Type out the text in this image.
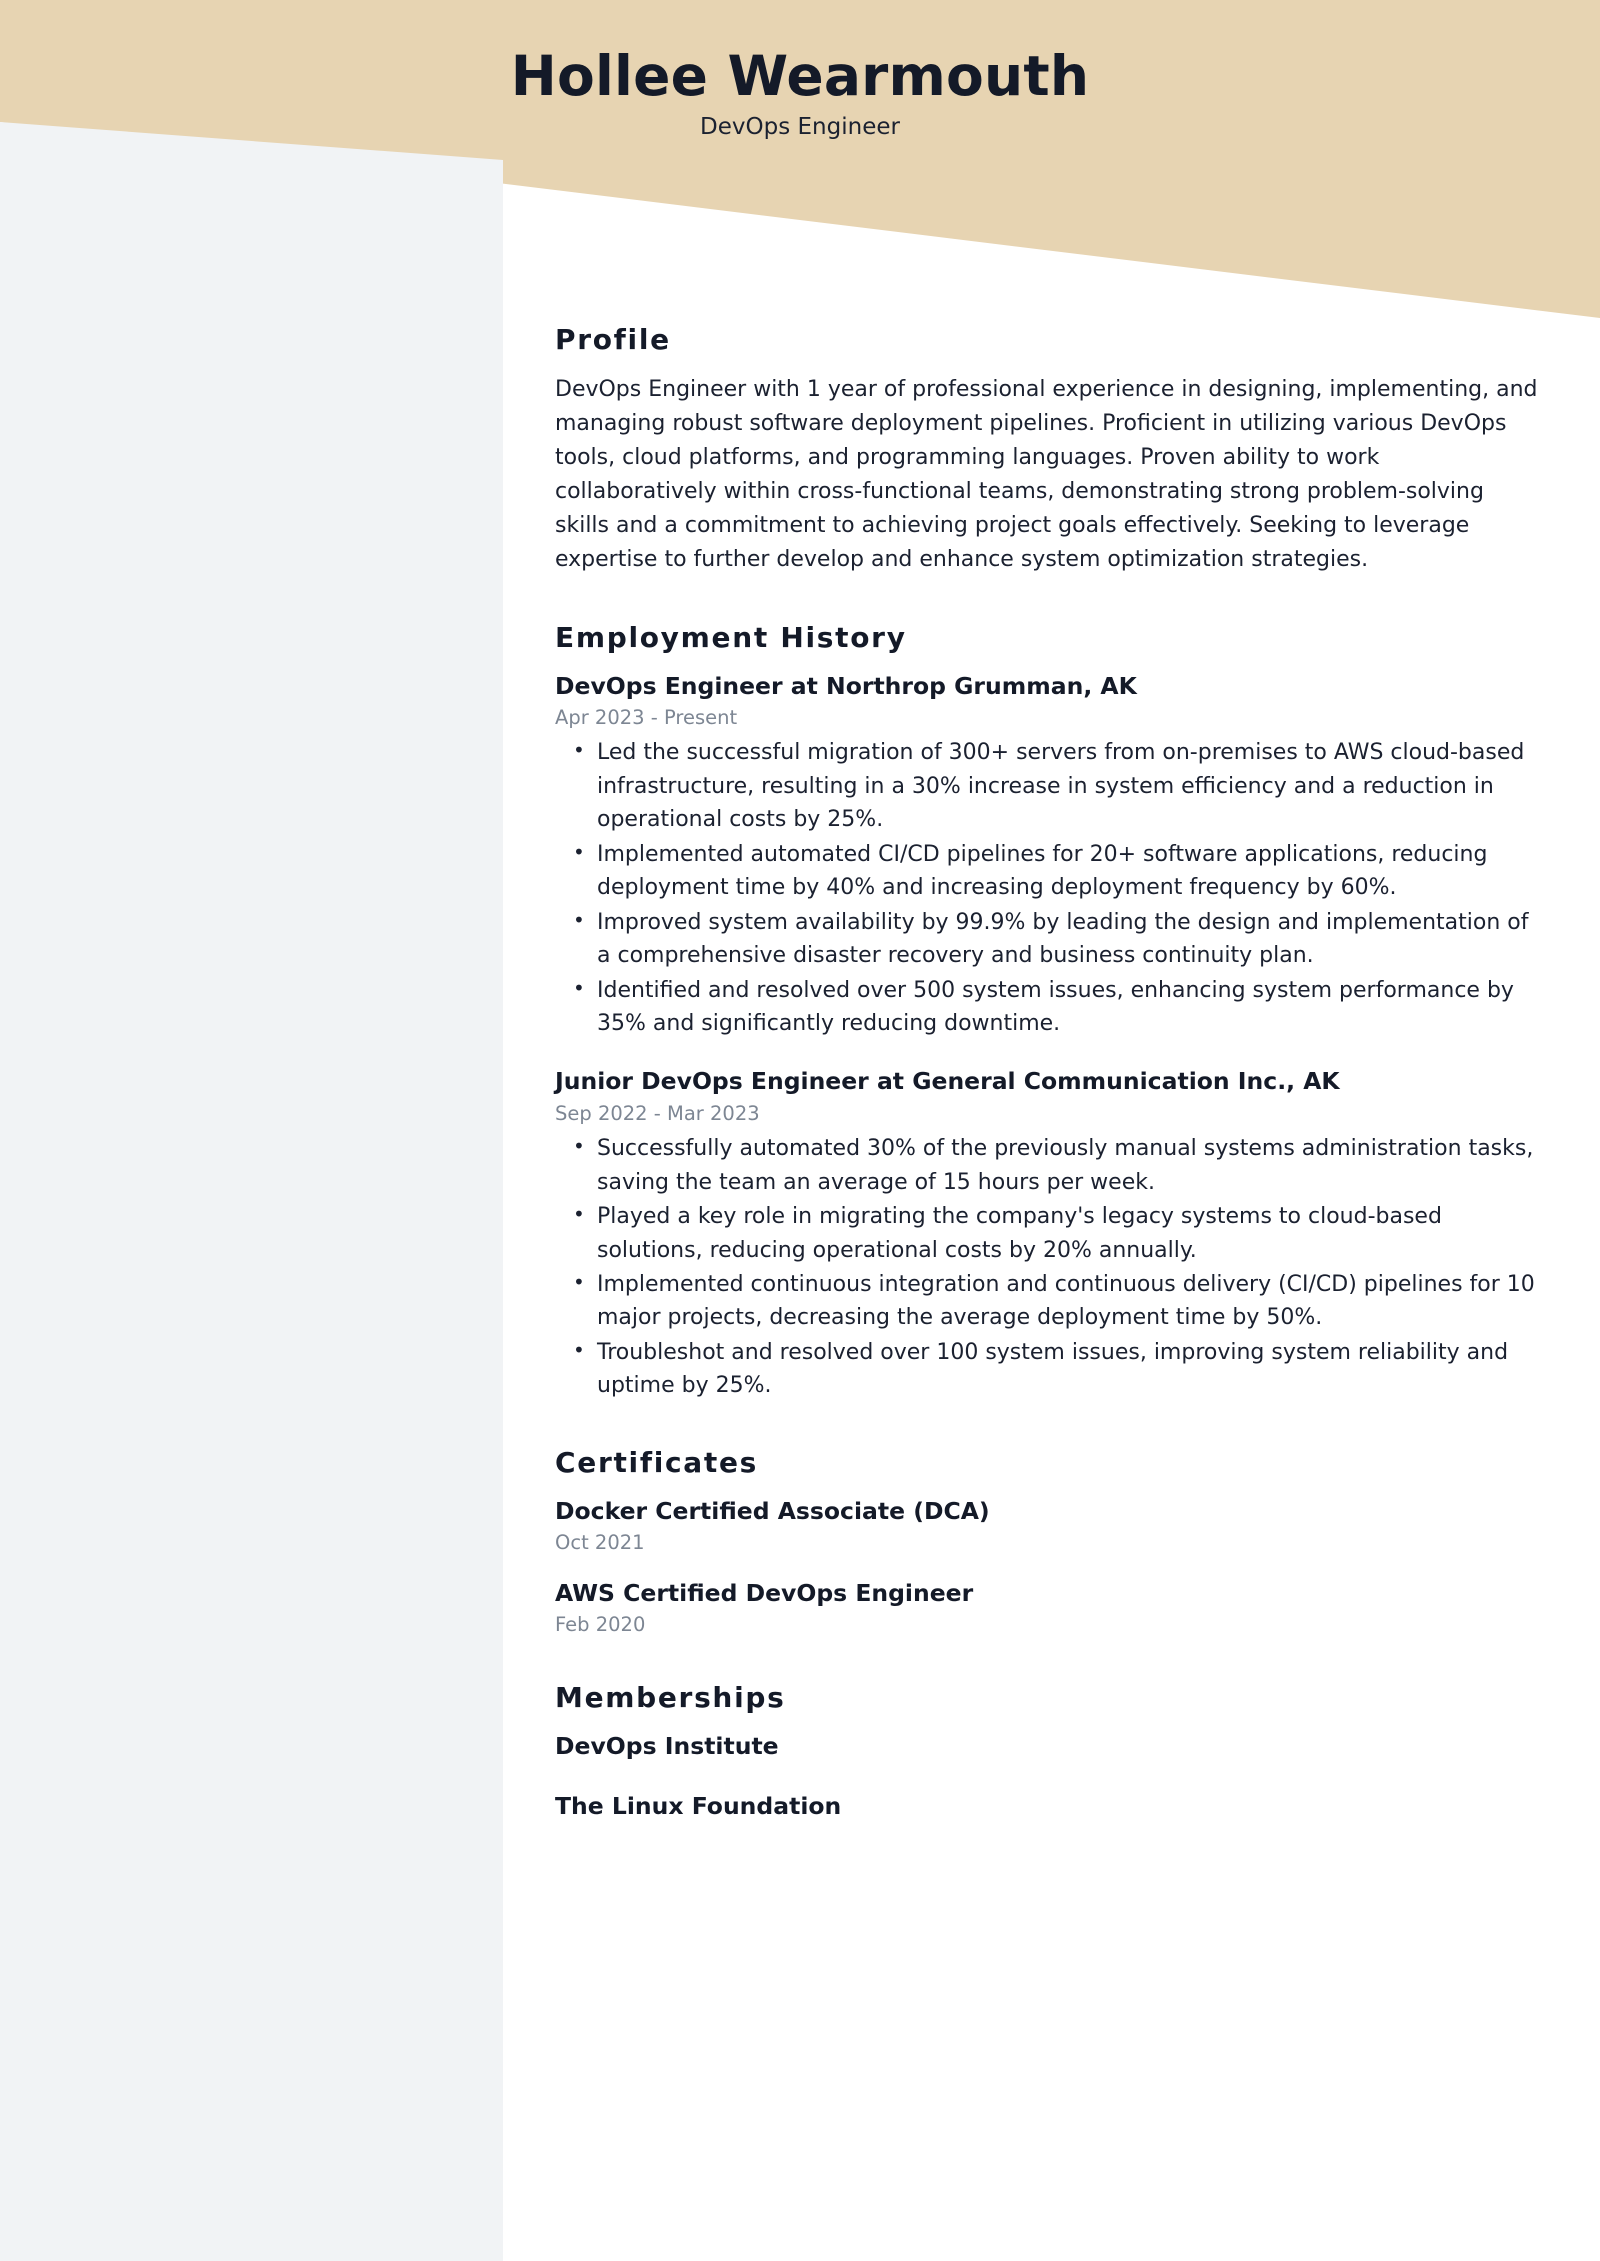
Hollee Wearmouth
DevOps Engineer

Profile

DevOps Engineer with 1 year of professional experience in designing, implementing, and managing robust software deployment pipelines. Proficient in utilizing various DevOps tools, cloud platforms, and programming languages. Proven ability to work collaboratively within cross-functional teams, demonstrating strong problem-solving skills and a commitment to achieving project goals effectively. Seeking to leverage expertise to further develop and enhance system optimization strategies.

Employment History

DevOps Engineer at Northrop Grumman, AK

Apr 2023 - Present

• Led the successful migration of 300+ servers from on-premises to AWS cloud-based infrastructure, resulting in a 30% increase in system efficiency and a reduction in operational costs by 25%.
• Implemented automated CI/CD pipelines for 20+ software applications, reducing deployment time by 40% and increasing deployment frequency by 60%.
• Improved system availability by 99.9% by leading the design and implementation of a comprehensive disaster recovery and business continuity plan.
• Identified and resolved over 500 system issues, enhancing system performance by 35% and significantly reducing downtime.

Junior DevOps Engineer at General Communication Inc., AK

Sep 2022 - Mar 2023

• Successfully automated 30% of the previously manual systems administration tasks, saving the team an average of 15 hours per week.
• Played a key role in migrating the company's legacy systems to cloud-based solutions, reducing operational costs by 20% annually.
• Implemented continuous integration and continuous delivery (CI/CD) pipelines for 10 major projects, decreasing the average deployment time by 50%.
• Troubleshot and resolved over 100 system issues, improving system reliability and uptime by 25%.
Certificates

Docker Certified Associate (DCA)

Oct 2021

AWS Certified DevOps Engineer

Feb 2020

Memberships

DevOps Institute

The Linux Foundation
